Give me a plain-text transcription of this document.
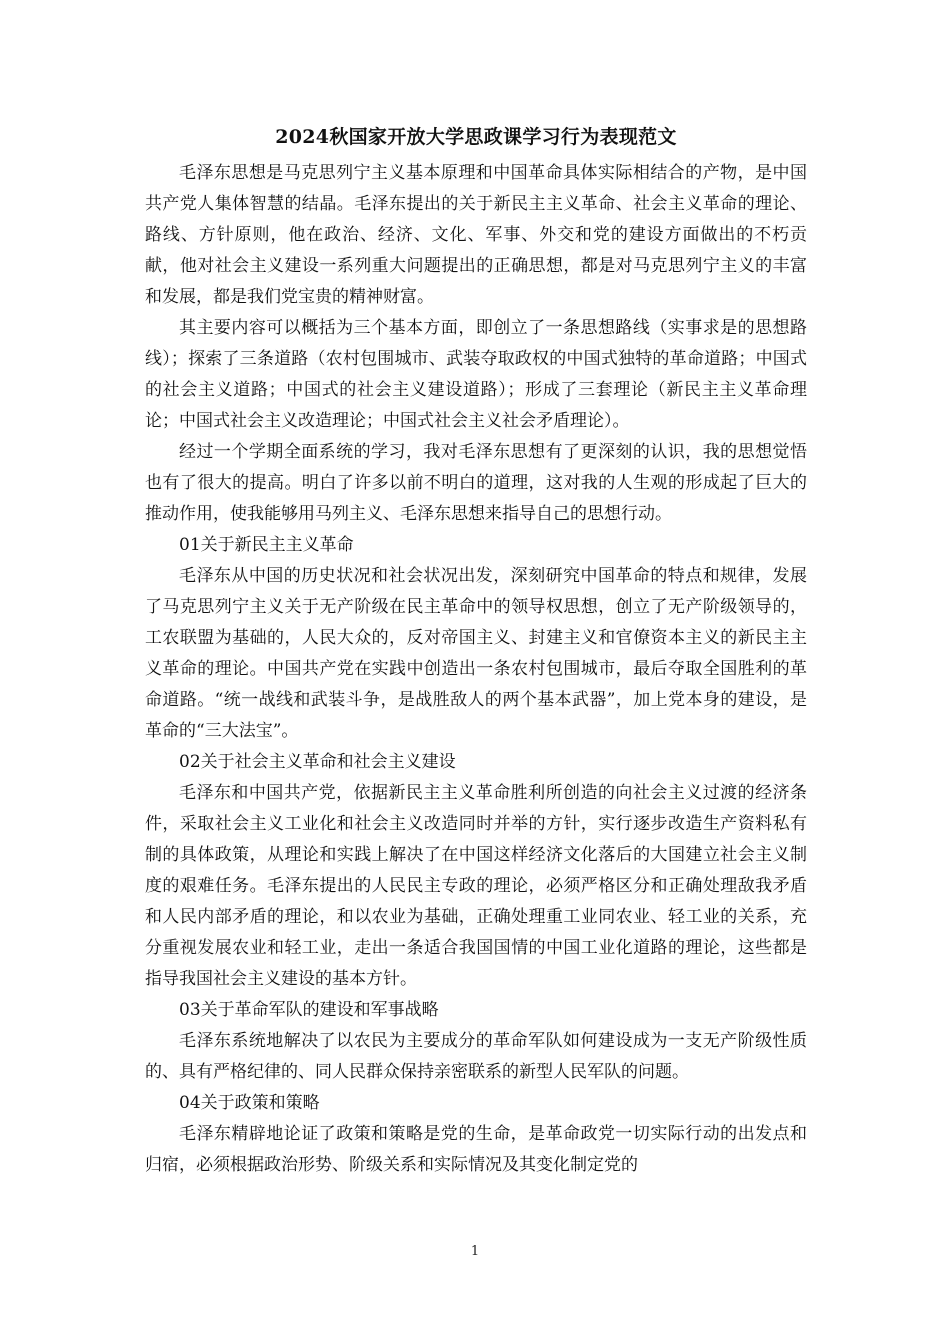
2024秋国家开放大学思政课学习行为表现范文

毛泽东思想是马克思列宁主义基本原理和中国革命具体实际相结合的产物，是中国共产党人集体智慧的结晶。毛泽东提出的关于新民主主义革命、社会主义革命的理论、路线、方针原则，他在政治、经济、文化、军事、外交和党的建设方面做出的不朽贡献，他对社会主义建设一系列重大问题提出的正确思想，都是对马克思列宁主义的丰富和发展，都是我们党宝贵的精神财富。

其主要内容可以概括为三个基本方面，即创立了一条思想路线（实事求是的思想路线）；探索了三条道路（农村包围城市、武装夺取政权的中国式独特的革命道路；中国式的社会主义道路；中国式的社会主义建设道路）；形成了三套理论（新民主主义革命理论；中国式社会主义改造理论；中国式社会主义社会矛盾理论）。

经过一个学期全面系统的学习，我对毛泽东思想有了更深刻的认识，我的思想觉悟也有了很大的提高。明白了许多以前不明白的道理，这对我的人生观的形成起了巨大的推动作用，使我能够用马列主义、毛泽东思想来指导自己的思想行动。

01关于新民主主义革命

毛泽东从中国的历史状况和社会状况出发，深刻研究中国革命的特点和规律，发展了马克思列宁主义关于无产阶级在民主革命中的领导权思想，创立了无产阶级领导的，工农联盟为基础的，人民大众的，反对帝国主义、封建主义和官僚资本主义的新民主主义革命的理论。中国共产党在实践中创造出一条农村包围城市，最后夺取全国胜利的革命道路。“统一战线和武装斗争，是战胜敌人的两个基本武器”，加上党本身的建设，是革命的“三大法宝”。

02关于社会主义革命和社会主义建设

毛泽东和中国共产党，依据新民主主义革命胜利所创造的向社会主义过渡的经济条件，采取社会主义工业化和社会主义改造同时并举的方针，实行逐步改造生产资料私有制的具体政策，从理论和实践上解决了在中国这样经济文化落后的大国建立社会主义制度的艰难任务。毛泽东提出的人民民主专政的理论，必须严格区分和正确处理敌我矛盾和人民内部矛盾的理论，和以农业为基础，正确处理重工业同农业、轻工业的关系，充分重视发展农业和轻工业，走出一条适合我国国情的中国工业化道路的理论，这些都是指导我国社会主义建设的基本方针。

03关于革命军队的建设和军事战略

毛泽东系统地解决了以农民为主要成分的革命军队如何建设成为一支无产阶级性质的、具有严格纪律的、同人民群众保持亲密联系的新型人民军队的问题。

04关于政策和策略

毛泽东精辟地论证了政策和策略是党的生命，是革命政党一切实际行动的出发点和归宿，必须根据政治形势、阶级关系和实际情况及其变化制定党的

1
